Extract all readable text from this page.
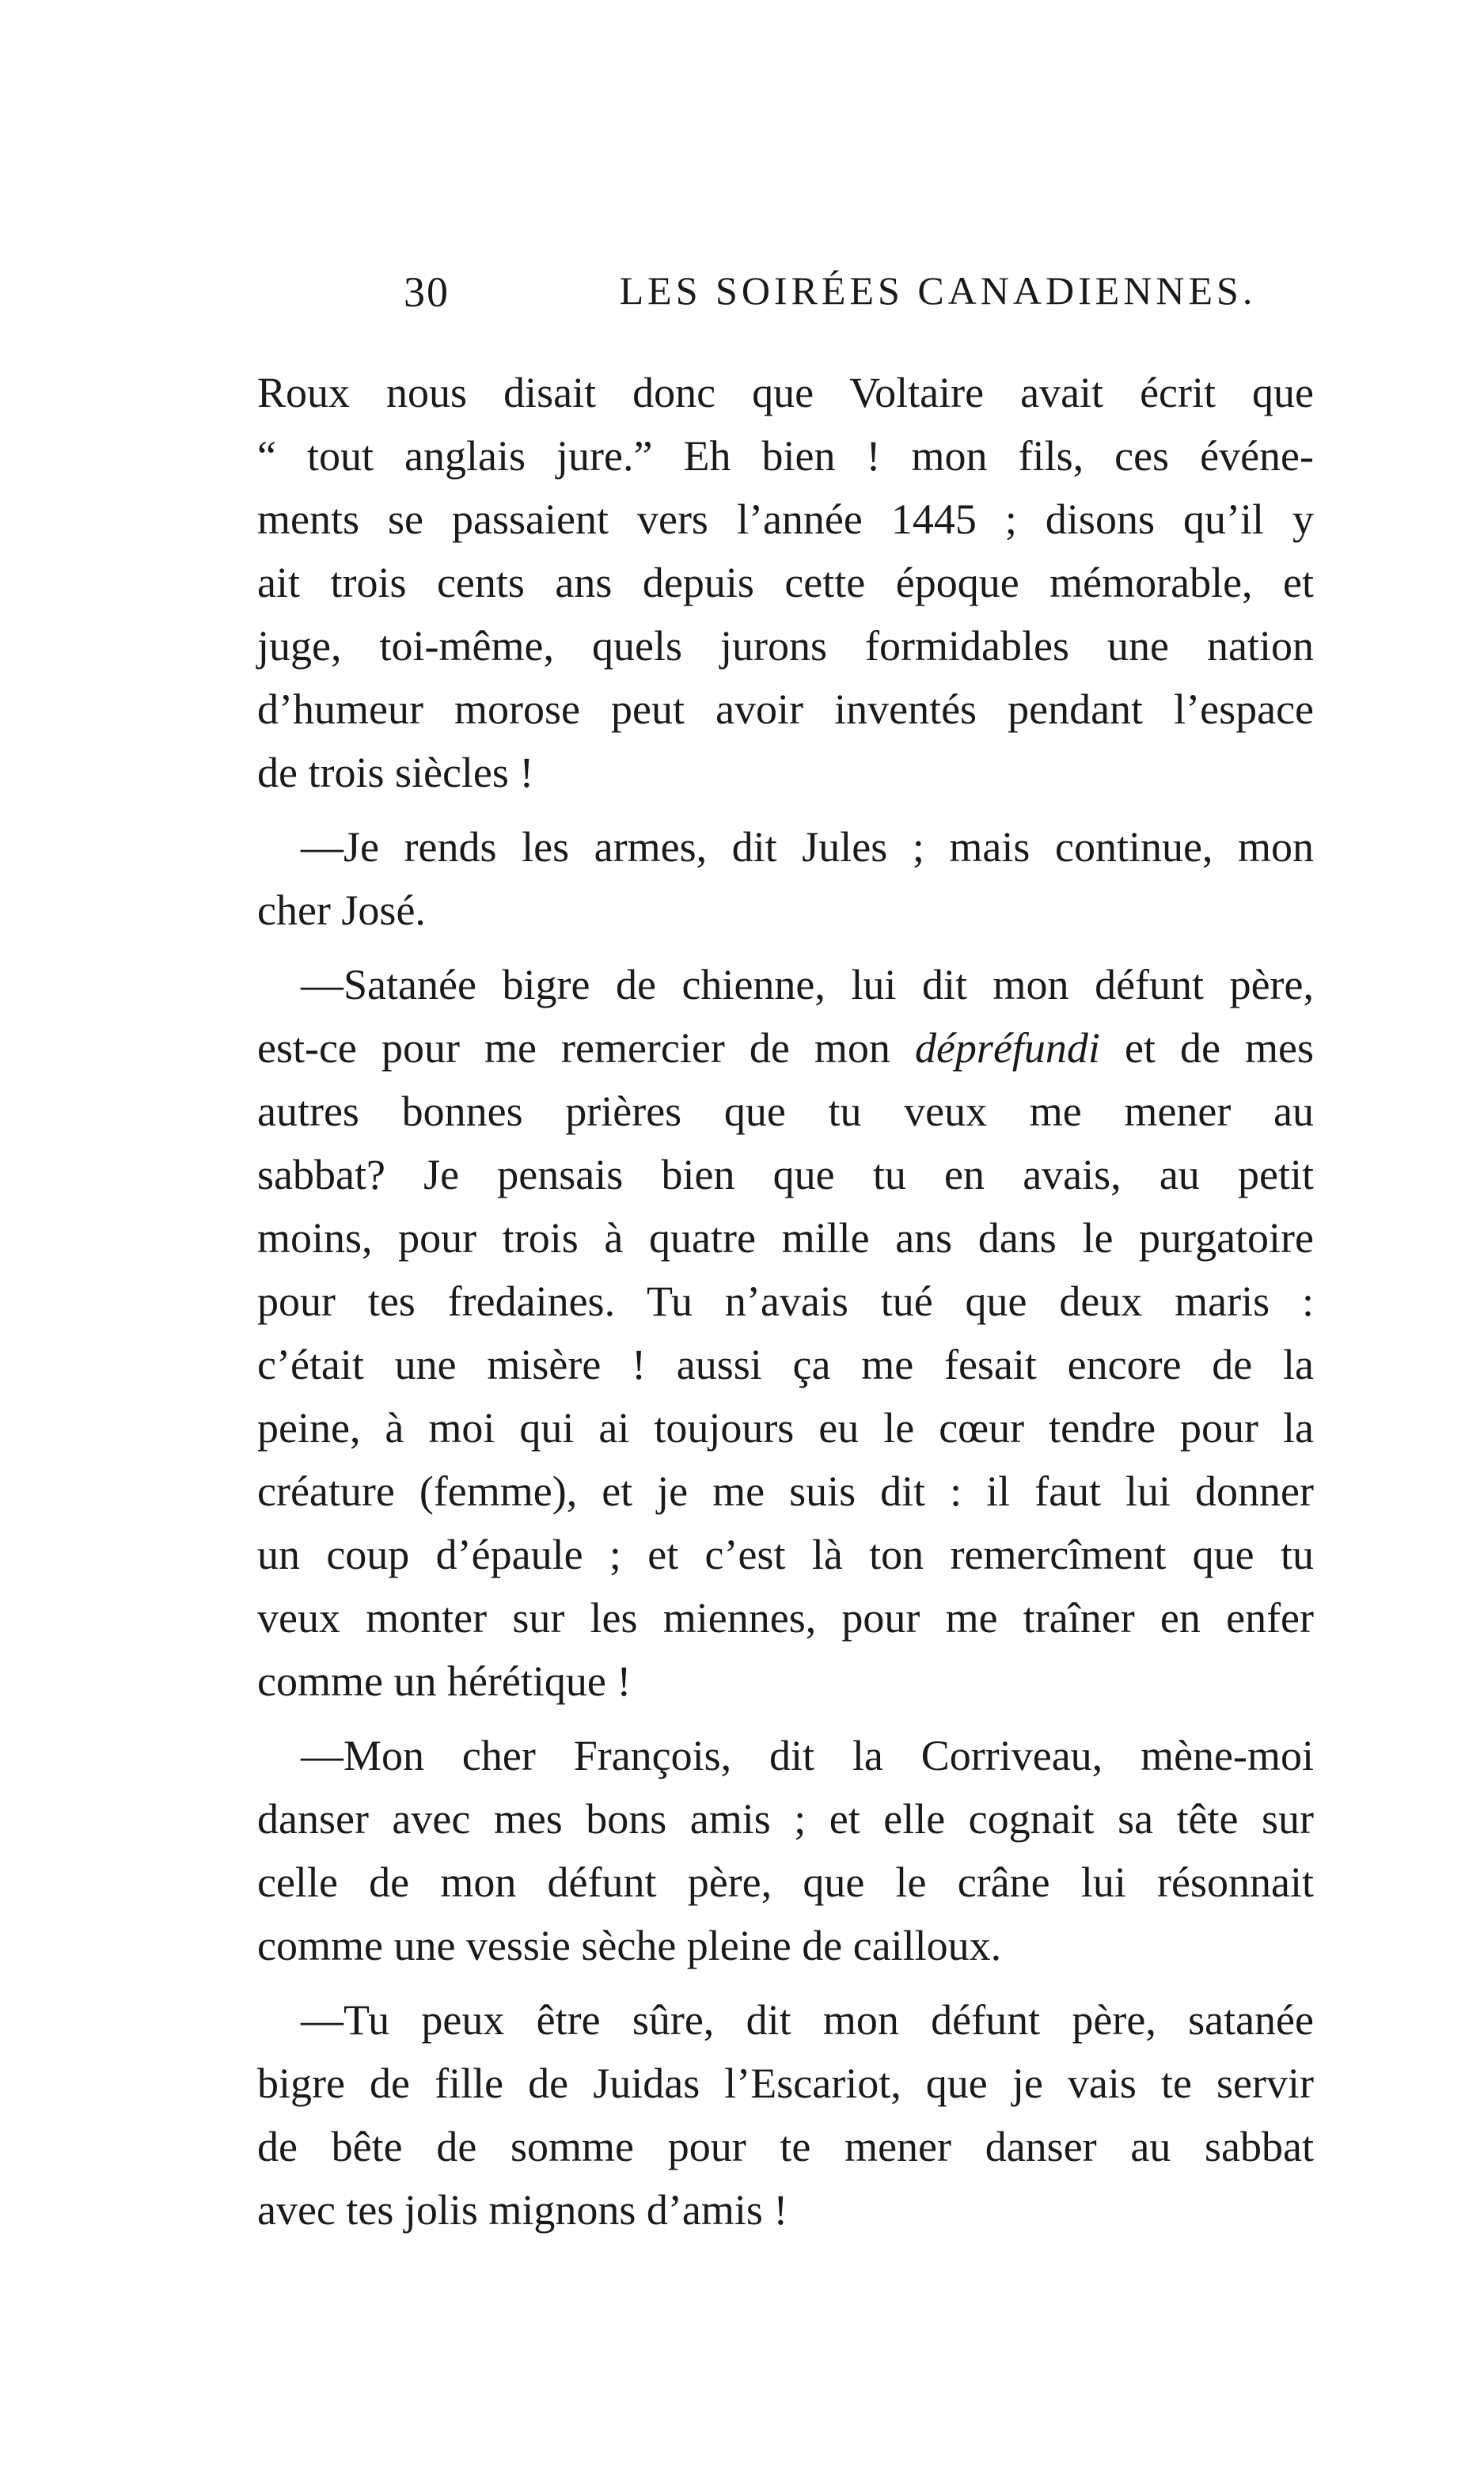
30	LES SOIRÉES CANADIENNES.
Roux nous disait donc que Voltaire avait écrit que
“ tout anglais jure.” Eh bien ! mon fils, ces événe-
ments se passaient vers l’année 1445 ; disons qu’il y
ait trois cents ans depuis cette époque mémorable, et
juge, toi-même, quels jurons formidables une nation
d’humeur morose peut avoir inventés pendant l’espace
de trois siècles !
—Je rends les armes, dit Jules ; mais continue, mon
cher José.
—Satanée bigre de chienne, lui dit mon défunt père,
est-ce pour me remercier de mon dépréfundi et de mes
autres bonnes prières que tu veux me mener au
sabbat? Je pensais bien que tu en avais, au petit
moins, pour trois à quatre mille ans dans le purgatoire
pour tes fredaines. Tu n’avais tué que deux maris :
c’était une misère ! aussi ça me fesait encore de la
peine, à moi qui ai toujours eu le cœur tendre pour la
créature (femme), et je me suis dit : il faut lui donner
un coup d’épaule ; et c’est là ton remercîment que tu
veux monter sur les miennes, pour me traîner en enfer
comme un hérétique !
—Mon cher François, dit la Corriveau, mène-moi
danser avec mes bons amis ; et elle cognait sa tête sur
celle de mon défunt père, que le crâne lui résonnait
comme une vessie sèche pleine de cailloux.
—Tu peux être sûre, dit mon défunt père, satanée
bigre de fille de Juidas l’Escariot, que je vais te servir
de bête de somme pour te mener danser au sabbat
avec tes jolis mignons d’amis !
